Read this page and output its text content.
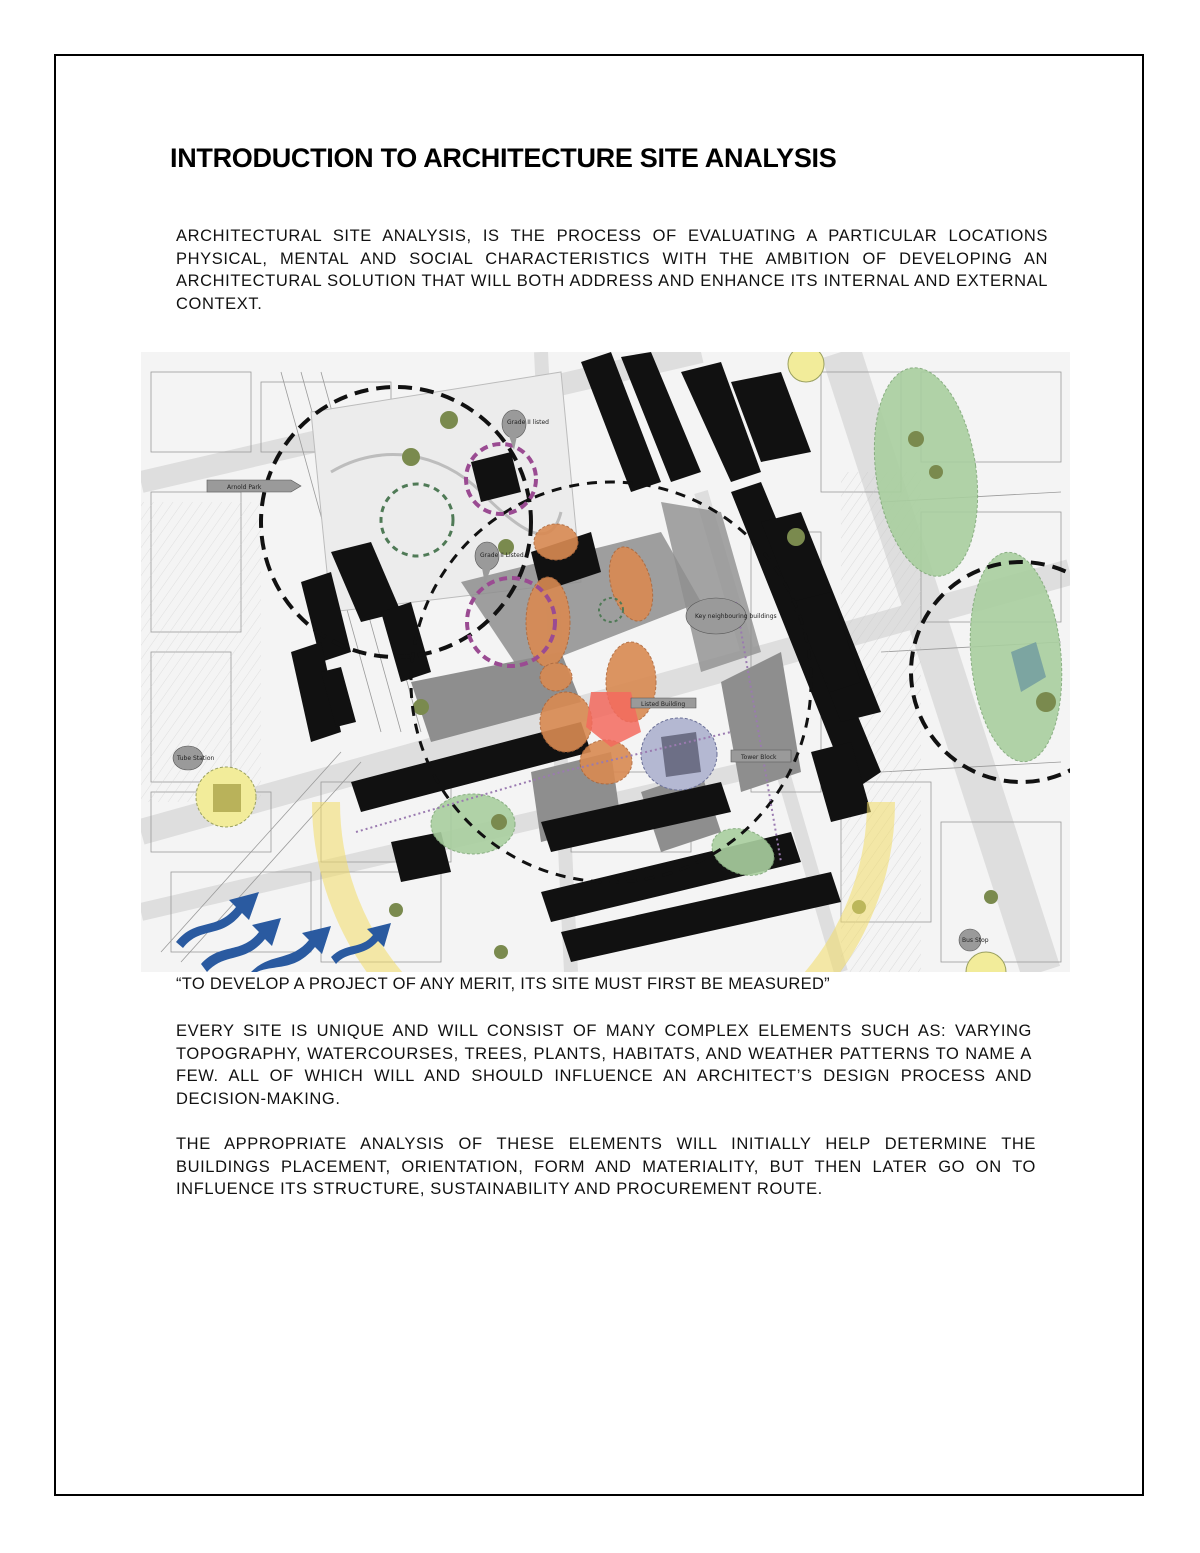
INTRODUCTION TO ARCHITECTURE SITE ANALYSIS

ARCHITECTURAL SITE ANALYSIS, IS THE PROCESS OF EVALUATING A PARTICULAR LOCATIONS PHYSICAL, MENTAL AND SOCIAL CHARACTERISTICS WITH THE AMBITION OF DEVELOPING AN ARCHITECTURAL SOLUTION THAT WILL BOTH ADDRESS AND ENHANCE ITS INTERNAL AND EXTERNAL CONTEXT.

Arnold Park
Grade II listed
Grade II Listed
Key neighbouring buildings
Listed Building
Tower Block
Tube Station
Bus Stop
“TO DEVELOP A PROJECT OF ANY MERIT, ITS SITE MUST FIRST BE MEASURED”

EVERY SITE IS UNIQUE AND WILL CONSIST OF MANY COMPLEX ELEMENTS SUCH AS: VARYING TOPOGRAPHY, WATERCOURSES, TREES, PLANTS, HABITATS, AND WEATHER PATTERNS TO NAME A FEW. ALL OF WHICH WILL AND SHOULD INFLUENCE AN ARCHITECT’S DESIGN PROCESS AND DECISION-MAKING.

THE APPROPRIATE ANALYSIS OF THESE ELEMENTS WILL INITIALLY HELP DETERMINE THE BUILDINGS PLACEMENT, ORIENTATION, FORM AND MATERIALITY, BUT THEN LATER GO ON TO INFLUENCE ITS STRUCTURE, SUSTAINABILITY AND PROCUREMENT ROUTE.
